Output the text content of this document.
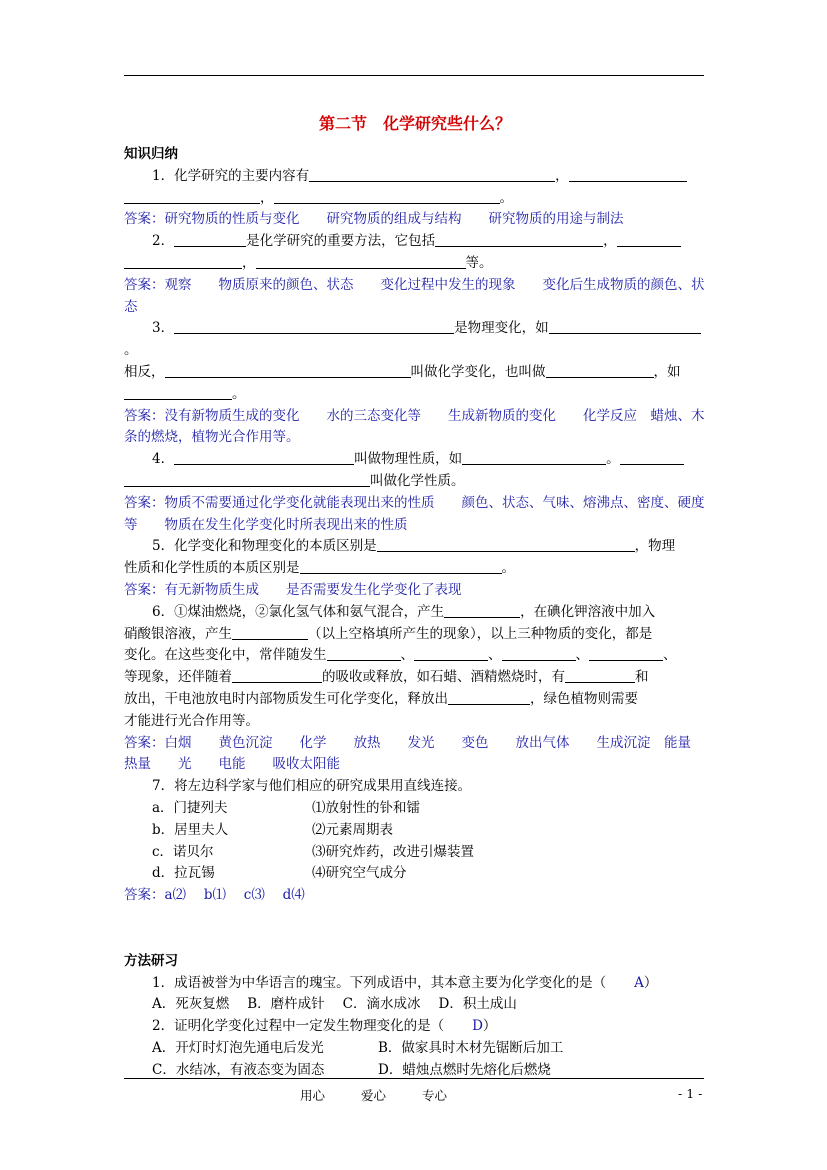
第二节　化学研究些什么？
知识归纳

1．化学研究的主要内容有	，

，	。

答案：研究物质的性质与变化　　研究物质的组成与结构　　研究物质的用途与制法

2．	是化学研究的重要方法，它包括	，

，	等。

答案：观察　　物质原来的颜色、状态　　变化过程中发生的现象　　变化后生成物质的颜色、状态

3．	是物理变化，如。

相反，	叫做化学变化，也叫做	，如

。

答案：没有新物质生成的变化　　水的三态变化等　　生成新物质的变化　　化学反应　蜡烛、木条的燃烧，植物光合作用等。

4．	叫做物理性质，如	。

叫做化学性质。

答案：物质不需要通过化学变化就能表现出来的性质　　颜色、状态、气味、熔沸点、密度、硬度等　　物质在发生化学变化时所表现出来的性质

5．化学变化和物理变化的本质区别是	，物理

性质和化学性质的本质区别是	。

答案：有无新物质生成　　是否需要发生化学变化了表现

6．①煤油燃烧，②氯化氢气体和氨气混合，产生	，在碘化钾溶液中加入

硝酸银溶液，产生	（以上空格填所产生的现象），以上三种物质的变化，都是

变化。在这些变化中，常伴随发生	、	、	、	、

等现象，还伴随着	的吸收或释放，如石蜡、酒精燃烧时，有	和

放出，干电池放电时内部物质发生可化学变化，释放出	，绿色植物则需要

才能进行光合作用等。

答案：白烟　　黄色沉淀　　化学　　放热　　发光　　变色　　放出气体　　生成沉淀　能量　　热量　　光　　电能　　吸收太阳能

7．将左边科学家与他们相应的研究成果用直线连接。

a．门捷列夫	⑴放射性的钋和镭
b．居里夫人	⑵元素周期表
c．诺贝尔	⑶研究炸药，改进引爆装置
d．拉瓦锡	⑷研究空气成分

答案：a⑵　 b⑴　 c⑶　 d⑷

方法研习

1．成语被誉为中华语言的瑰宝。下列成语中，其本意主要为化学变化的是（ A）

A．死灰复燃 B．磨杵成针 C．滴水成冰 D．积土成山

2．证明化学变化过程中一定发生物理变化的是（ D）

A．开灯时灯泡先通电后发光	B．做家具时木材先锯断后加工
C．水结冰，有液态变为固态	D．蜡烛点燃时先熔化后燃烧
用心	爱心	专心	- 1 -
